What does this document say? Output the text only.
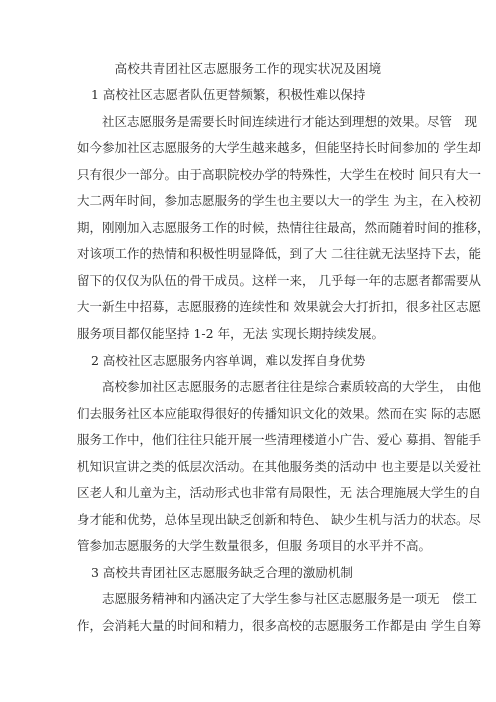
高校共青团社区志愿服务工作的现实状况及困境
1 高校社区志愿者队伍更替频繁，积极性难以保持
社区志愿服务是需要长时间连续进行才能达到理想的效果。尽管　现
如今参加社区志愿服务的大学生越来越多，但能坚持长时间参加的 学生却
只有很少一部分。由于高职院校办学的特殊性，大学生在校时 间只有大一
大二两年时间，参加志愿服务的学生也主要以大一的学生 为主，在入校初
期，刚刚加入志愿服务工作的时候，热情往往最高，然而随着时间的推移，
对该项工作的热情和积极性明显降低，到了大 二往往就无法坚持下去，能
留下的仅仅为队伍的骨干成员。这样一来， 几乎每一年的志愿者都需要从
大一新生中招募，志愿服務的连续性和 效果就会大打折扣，很多社区志愿
服务项目都仅能坚持 1-2 年，无法 实现长期持续发展。
2 高校社区志愿服务内容单调，难以发挥自身优势
高校参加社区志愿服务的志愿者往往是综合素质较高的大学生， 由他
们去服务社区本应能取得很好的传播知识文化的效果。然而在实 际的志愿
服务工作中，他们往往只能开展一些清理楼道小广告、爱心 募捐、智能手
机知识宣讲之类的低层次活动。在其他服务类的活动中 也主要是以关爱社
区老人和儿童为主，活动形式也非常有局限性，无 法合理施展大学生的自
身才能和优势，总体呈现出缺乏创新和特色、 缺少生机与活力的状态。尽
管参加志愿服务的大学生数量很多，但服 务项目的水平并不高。
3 高校共青团社区志愿服务缺乏合理的激励机制
志愿服务精神和内涵决定了大学生参与社区志愿服务是一项无　偿工
作，会消耗大量的时间和精力，很多高校的志愿服务工作都是由 学生自筹
